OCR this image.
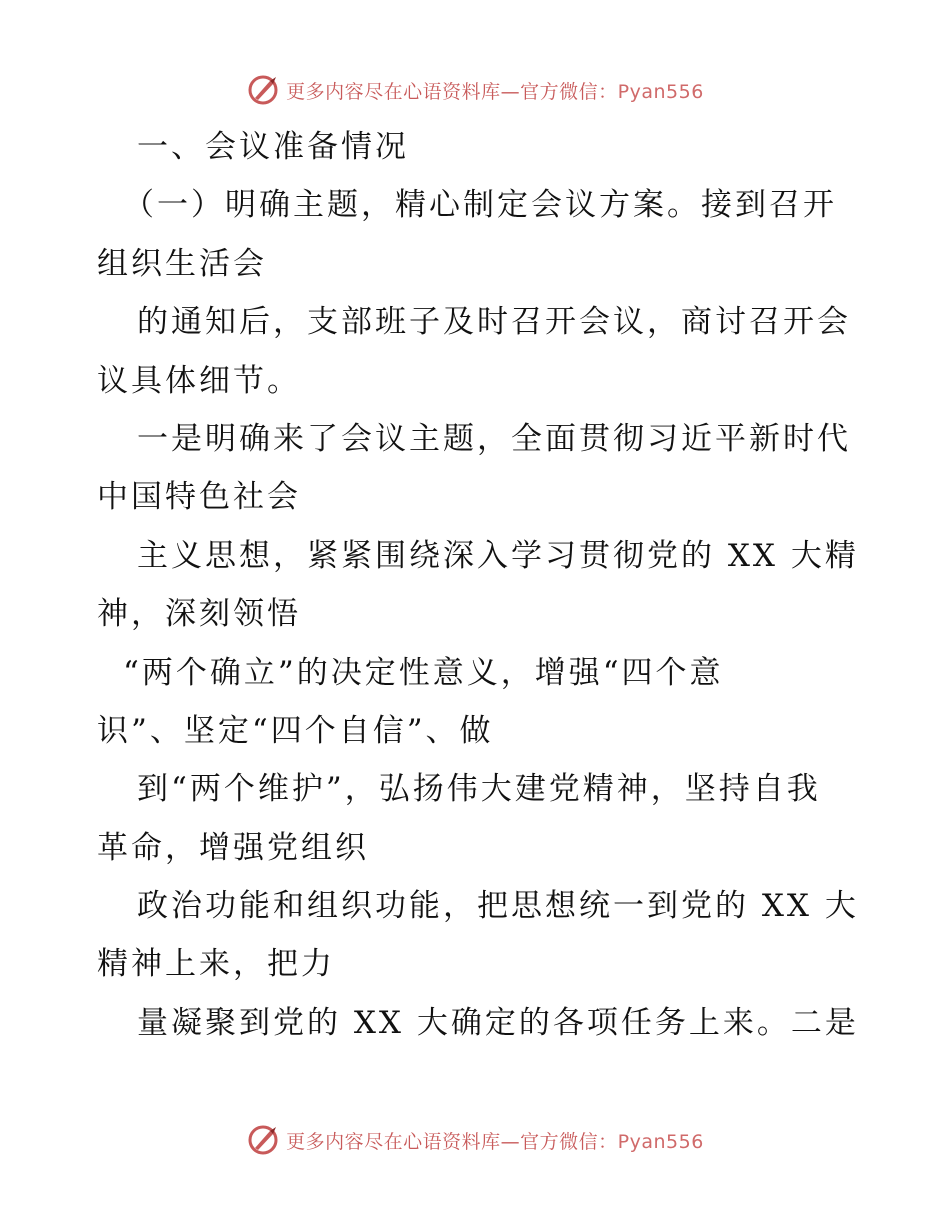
更多内容尽在心语资料库—官方微信：Pyan556
一、会议准备情况
（一）明确主题，精心制定会议方案。接到召开
组织生活会
的通知后，支部班子及时召开会议，商讨召开会
议具体细节。
一是明确来了会议主题，全面贯彻习近平新时代
中国特色社会
主义思想，紧紧围绕深入学习贯彻党的 XX 大精
神，深刻领悟
“两个确立”的决定性意义，增强“四个意
识”、坚定“四个自信”、做
到“两个维护”，弘扬伟大建党精神，坚持自我
革命，增强党组织
政治功能和组织功能，把思想统一到党的 XX 大
精神上来，把力
量凝聚到党的 XX 大确定的各项任务上来。二是
更多内容尽在心语资料库—官方微信：Pyan556
